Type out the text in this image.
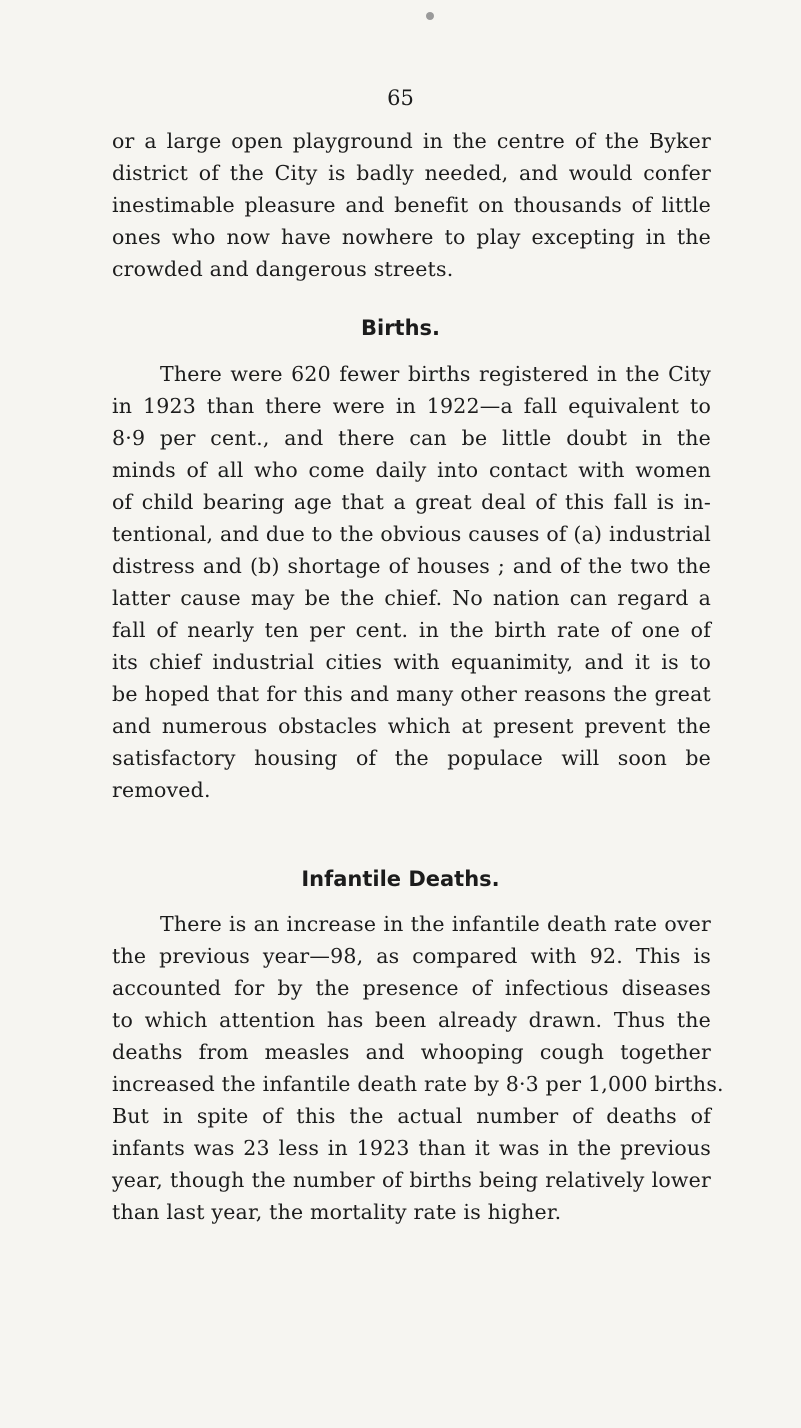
65

or a large open playground in the centre of the Byker
district of the City is badly needed, and would confer
inestimable pleasure and benefit on thousands of little
ones who now have nowhere to play excepting in the
crowded and dangerous streets.

Births.

There were 620 fewer births registered in the City
in 1923 than there were in 1922—a fall equivalent to
8·9 per cent., and there can be little doubt in the
minds of all who come daily into contact with women
of child bearing age that a great deal of this fall is in-
tentional, and due to the obvious causes of (a) industrial
distress and (b) shortage of houses ; and of the two the
latter cause may be the chief. No nation can regard a
fall of nearly ten per cent. in the birth rate of one of
its chief industrial cities with equanimity, and it is to
be hoped that for this and many other reasons the great
and numerous obstacles which at present prevent the
satisfactory housing of the populace will soon be
removed.

Infantile Deaths.

There is an increase in the infantile death rate over
the previous year—98, as compared with 92. This is
accounted for by the presence of infectious diseases
to which attention has been already drawn. Thus the
deaths from measles and whooping cough together
increased the infantile death rate by 8·3 per 1,000 births.
But in spite of this the actual number of deaths of
infants was 23 less in 1923 than it was in the previous
year, though the number of births being relatively lower
than last year, the mortality rate is higher.
